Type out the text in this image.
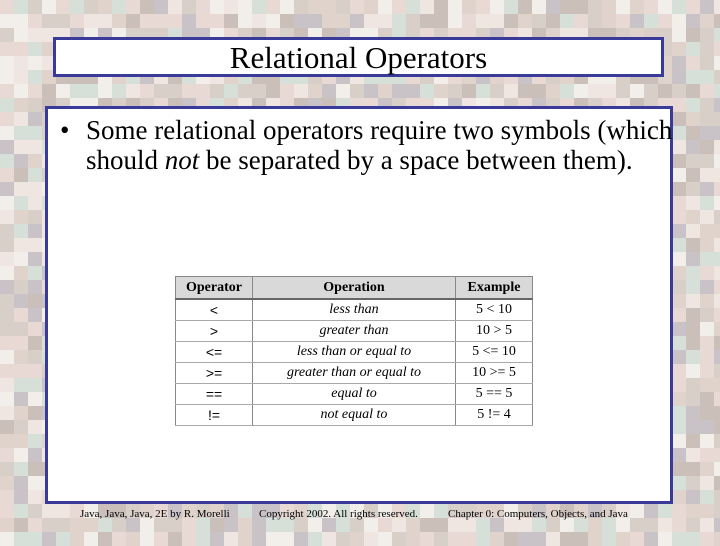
Relational Operators
• Some relational operators require two symbols (which should not be separated by a space between them).
Operator	Operation	Example
<	less than	5 < 10
>	greater than	10 > 5
<=	less than or equal to	5 <= 10
>=	greater than or equal to	10 >= 5
==	equal to	5 == 5
!=	not equal to	5 != 4
Java, Java, Java, 2E by R. Morelli	Copyright 2002. All rights reserved.	Chapter 0: Computers, Objects, and Java
